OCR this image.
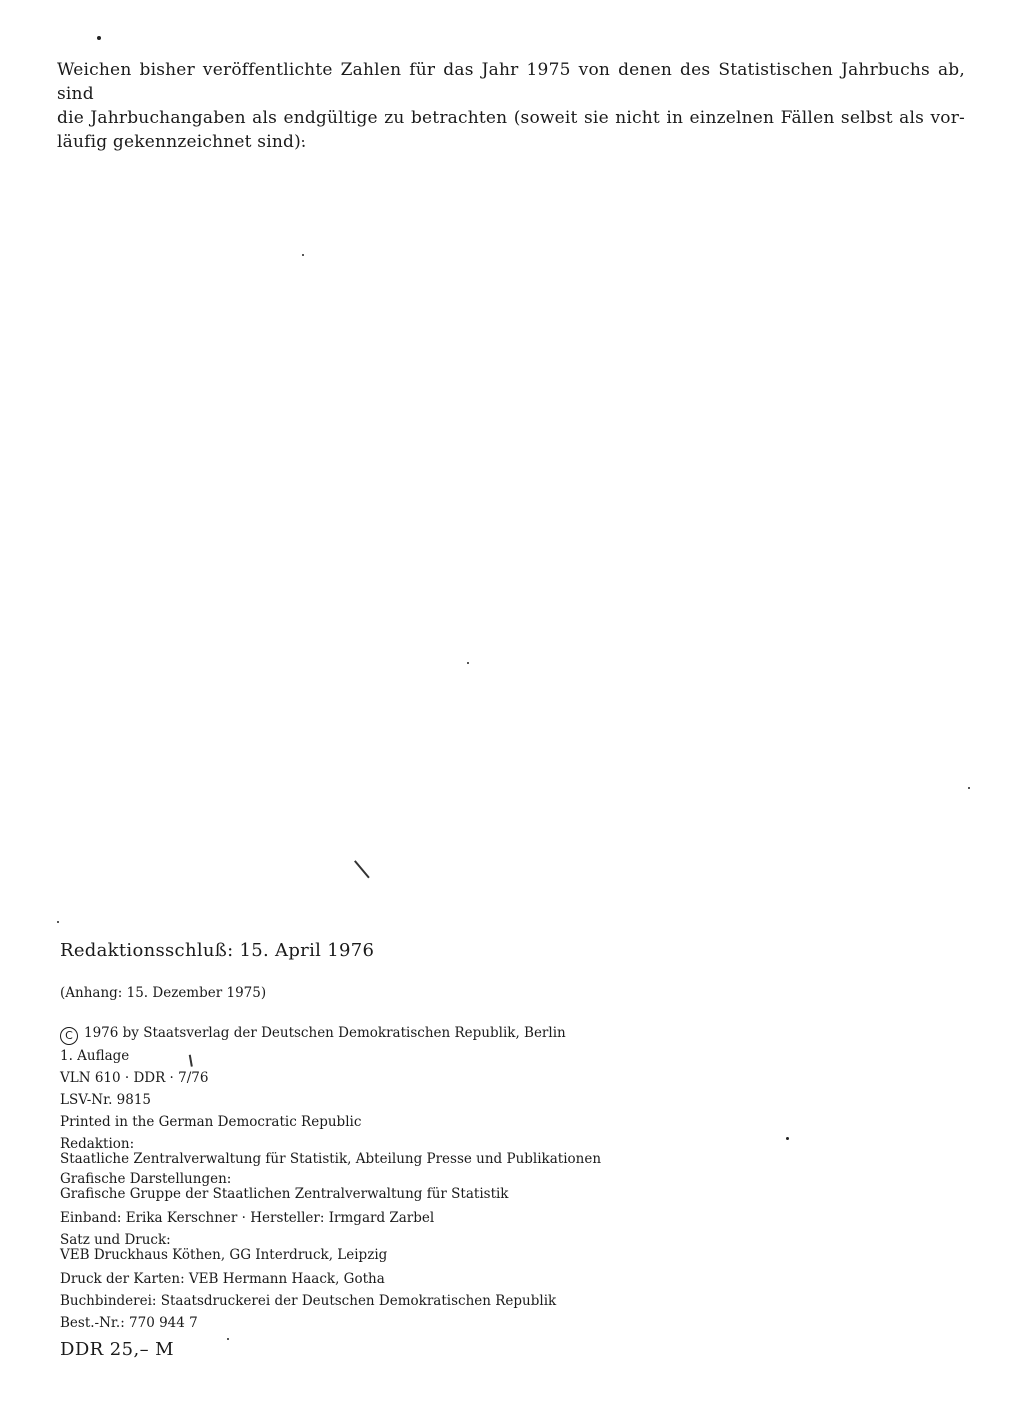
Weichen bisher veröffentlichte Zahlen für das Jahr 1975 von denen des Statistischen Jahrbuchs ab, sind
die Jahrbuchangaben als endgültige zu betrachten (soweit sie nicht in einzelnen Fällen selbst als vor-
läufig gekennzeichnet sind).

Redaktionsschluß: 15. April 1976

(Anhang: 15. Dezember 1975)

C 1976 by Staatsverlag der Deutschen Demokratischen Republik, Berlin

1. Auflage

VLN 610 · DDR · 7/76

LSV-Nr. 9815

Printed in the German Democratic Republic

Redaktion:
Staatliche Zentralverwaltung für Statistik, Abteilung Presse und Publikationen
Grafische Darstellungen:
Grafische Gruppe der Staatlichen Zentralverwaltung für Statistik

Einband: Erika Kerschner · Hersteller: Irmgard Zarbel

Satz und Druck:
VEB Druckhaus Köthen, GG Interdruck, Leipzig

Druck der Karten: VEB Hermann Haack, Gotha

Buchbinderei: Staatsdruckerei der Deutschen Demokratischen Republik

Best.-Nr.: 770 944 7

DDR 25,– M
